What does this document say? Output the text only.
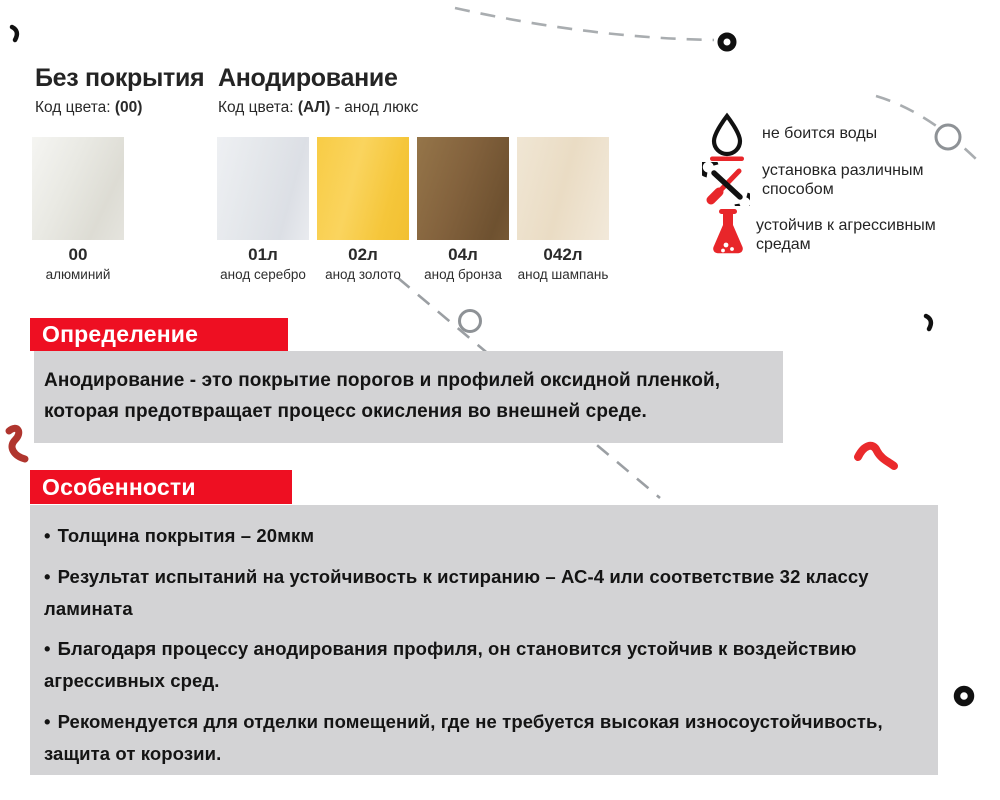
Без покрытия
Код цвета: (00)
Анодирование
Код цвета: (АЛ) - анод люкс
00
алюминий
01л
анод серебро
02л
анод золото
04л
анод бронза
042л
анод шампань
не боится воды
установка различным способом
устойчив к агрессивным средам
Определение
Анодирование - это покрытие порогов и профилей оксидной пленкой, которая предотвращает процесс окисления во внешней среде.
Особенности
• Толщина покрытия – 20мкм
• Результат испытаний на устойчивость к истиранию – АС-4 или соответствие 32 классу ламината
• Благодаря процессу анодирования профиля, он становится устойчив к воздействию агрессивных сред.
• Рекомендуется для отделки помещений, где не требуется высокая износоустойчивость, защита от корозии.
